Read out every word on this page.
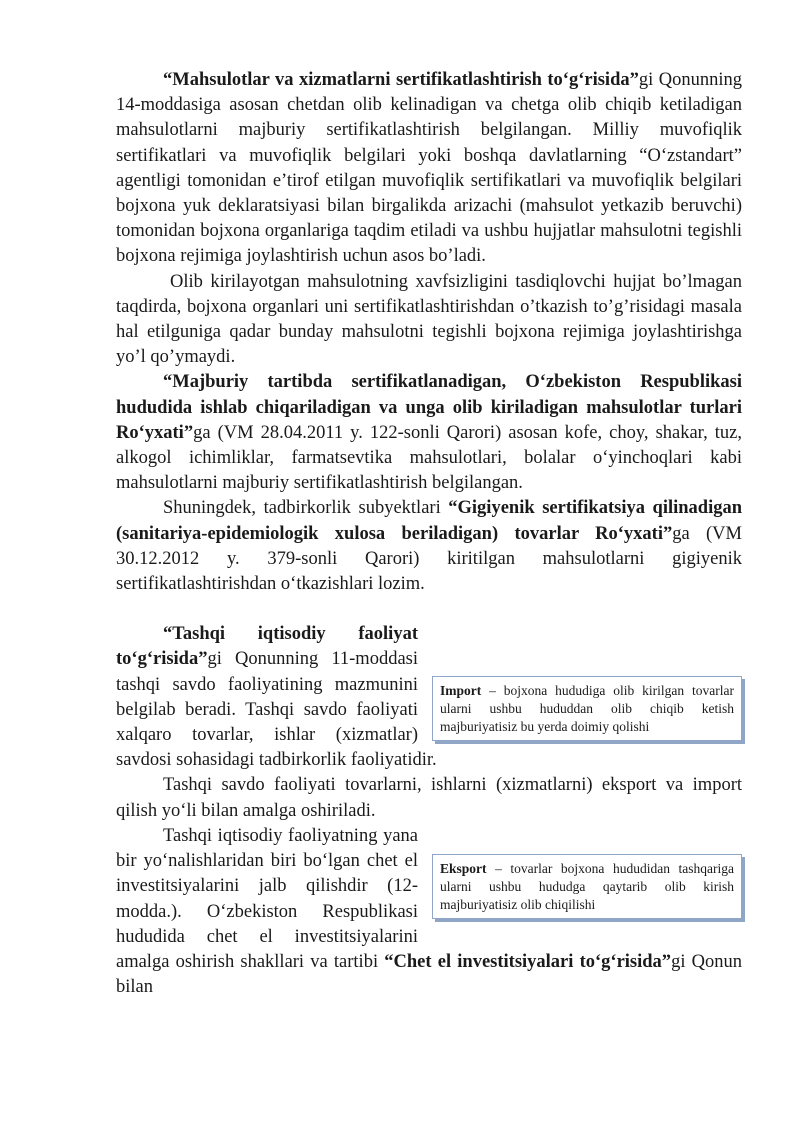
“Mahsulotlar va xizmatlarni sertifikatlashtirish to‘g‘risida”gi Qonunning 14-moddasiga asosan chetdan olib kelinadigan va chetga olib chiqib ketiladigan mahsulotlarni majburiy sertifikatlashtirish belgilangan. Milliy muvofiqlik sertifikatlari va muvofiqlik belgilari yoki boshqa davlatlarning “O‘zstandart” agentligi tomonidan e’tirof etilgan muvofiqlik sertifikatlari va muvofiqlik belgilari bojxona yuk deklaratsiyasi bilan birgalikda arizachi (mahsulot yetkazib beruvchi) tomonidan bojxona organlariga taqdim etiladi va ushbu hujjatlar mahsulotni tegishli bojxona rejimiga joylashtirish uchun asos bo’ladi.

Olib kirilayotgan mahsulotning xavfsizligini tasdiqlovchi hujjat bo’lmagan taqdirda, bojxona organlari uni sertifikatlashtirishdan o’tkazish to’g’risidagi masala hal etilguniga qadar bunday mahsulotni tegishli bojxona rejimiga joylashtirishga yo’l qo’ymaydi.

“Majburiy tartibda sertifikatlanadigan, O‘zbekiston Respublikasi hududida ishlab chiqariladigan va unga olib kiriladigan mahsulotlar turlari Ro‘yxati”ga (VM 28.04.2011 y. 122-sonli Qarori) asosan kofe, choy, shakar, tuz, alkogol ichimliklar, farmatsevtika mahsulotlari, bolalar o‘yinchoqlari kabi mahsulotlarni majburiy sertifikatlashtirish belgilangan.

Shuningdek, tadbirkorlik subyektlari “Gigiyenik sertifikatsiya qilinadigan (sanitariya-epidemiologik xulosa beriladigan) tovarlar Ro‘yxati”ga (VM 30.12.2012 y. 379-sonli Qarori) kiritilgan mahsulotlarni gigiyenik sertifikatlashtirishdan o‘tkazishlari lozim.

Import – bojxona hududiga olib kirilgan tovarlar ularni ushbu hududdan olib chiqib ketish majburiyatisiz bu yerda doimiy qolishi

“Tashqi iqtisodiy faoliyat to‘g‘risida”gi Qonunning 11-moddasi tashqi savdo faoliyatining mazmunini belgilab beradi. Tashqi savdo faoliyati xalqaro tovarlar, ishlar (xizmatlar) savdosi sohasidagi tadbirkorlik faoliyatidir.

Tashqi savdo faoliyati tovarlarni, ishlarni (xizmatlarni) eksport va import qilish yo‘li bilan amalga oshiriladi.

Eksport – tovarlar bojxona hududidan tashqariga ularni ushbu hududga qaytarib olib kirish majburiyatisiz olib chiqilishi

Tashqi iqtisodiy faoliyatning yana bir yo‘nalishlaridan biri bo‘lgan chet el investitsiyalarini jalb qilishdir (12-modda.). O‘zbekiston Respublikasi hududida chet el investitsiyalarini amalga oshirish shakllari va tartibi “Chet el investitsiyalari to‘g‘risida”gi Qonun bilan
